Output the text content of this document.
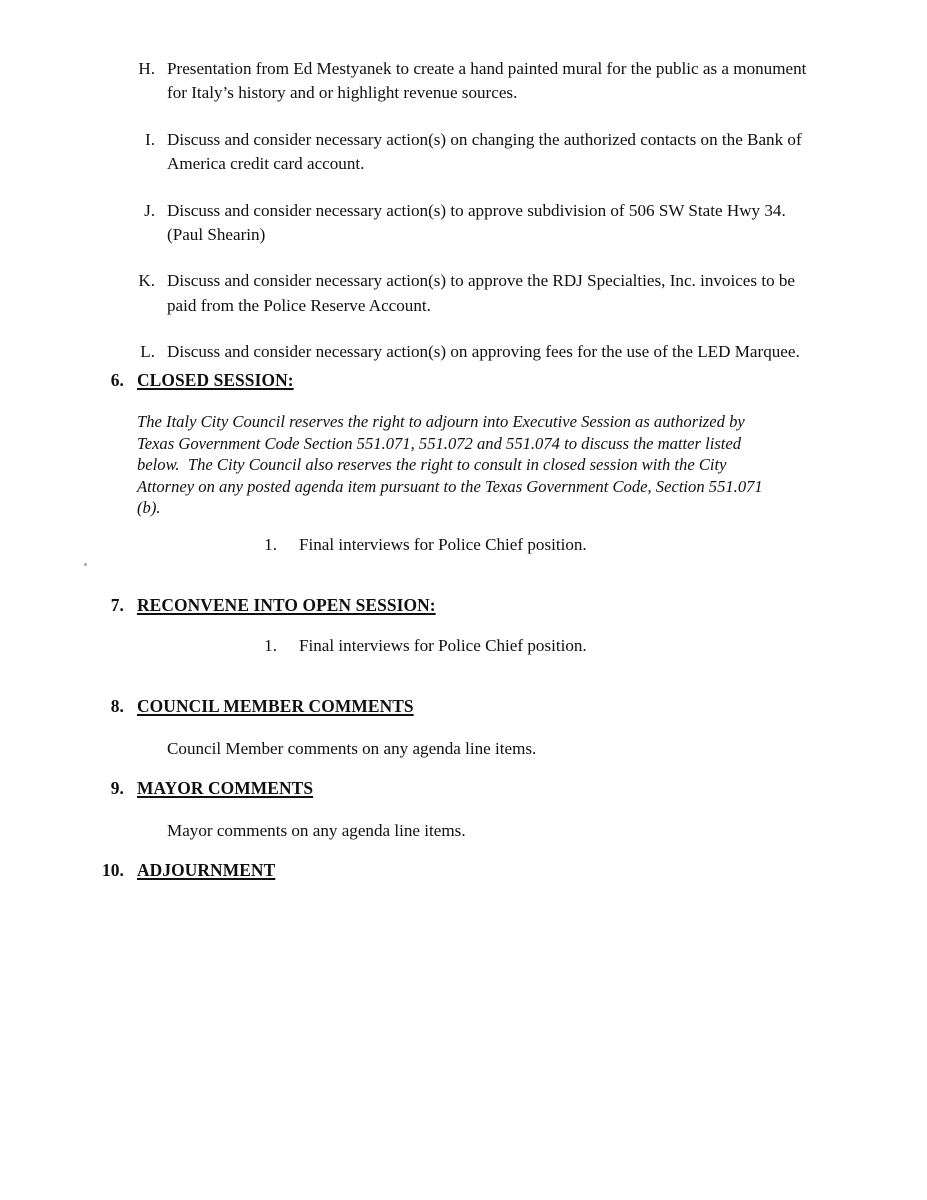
H. Presentation from Ed Mestyanek to create a hand painted mural for the public as a monument for Italy’s history and or highlight revenue sources.
I. Discuss and consider necessary action(s) on changing the authorized contacts on the Bank of America credit card account.
J. Discuss and consider necessary action(s) to approve subdivision of 506 SW State Hwy 34. (Paul Shearin)
K. Discuss and consider necessary action(s) to approve the RDJ Specialties, Inc. invoices to be paid from the Police Reserve Account.
L. Discuss and consider necessary action(s) on approving fees for the use of the LED Marquee.
6. CLOSED SESSION:
The Italy City Council reserves the right to adjourn into Executive Session as authorized by
Texas Government Code Section 551.071, 551.072 and 551.074 to discuss the matter listed
below.  The City Council also reserves the right to consult in closed session with the City
Attorney on any posted agenda item pursuant to the Texas Government Code, Section 551.071
(b).
1. Final interviews for Police Chief position.
7. RECONVENE INTO OPEN SESSION:
1. Final interviews for Police Chief position.
8. COUNCIL MEMBER COMMENTS
Council Member comments on any agenda line items.
9. MAYOR COMMENTS
Mayor comments on any agenda line items.
10. ADJOURNMENT
